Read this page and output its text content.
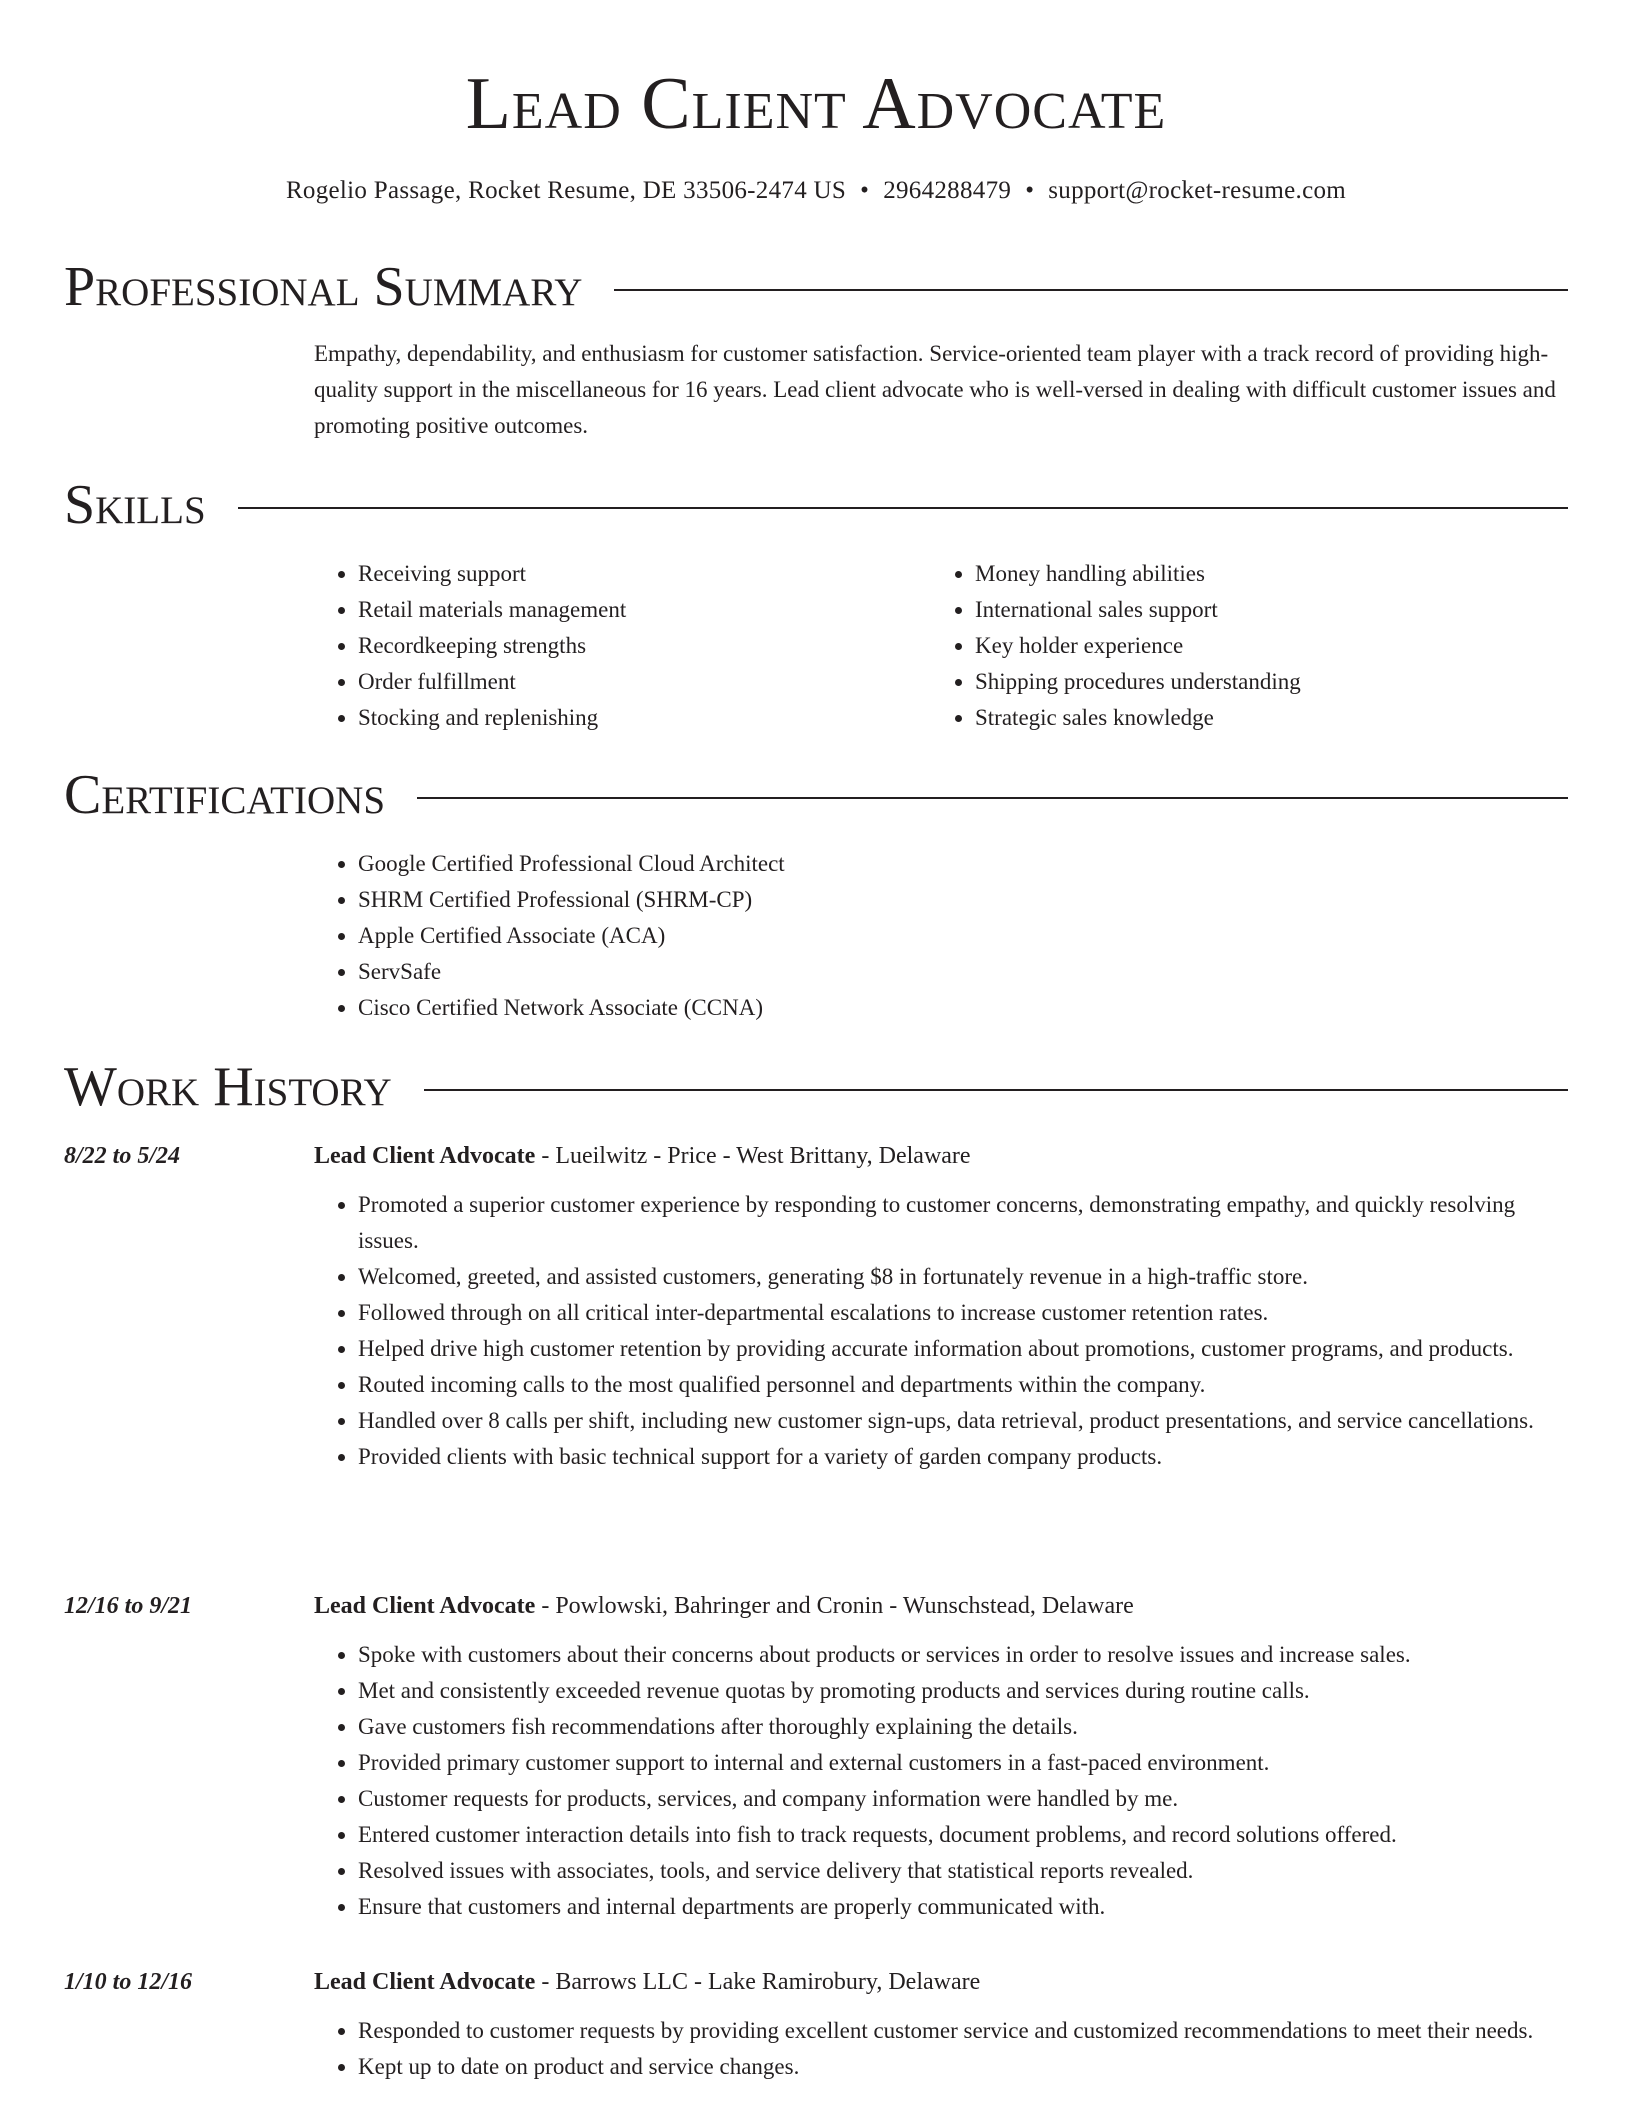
Lead Client Advocate
Rogelio Passage, Rocket Resume, DE 33506-2474 US • 2964288479 • support@rocket-resume.com
Professional Summary
Empathy, dependability, and enthusiasm for customer satisfaction. Service-oriented team player with a track record of providing high-quality support in the miscellaneous for 16 years. Lead client advocate who is well-versed in dealing with difficult customer issues and promoting positive outcomes.
Skills
• Receiving support
• Retail materials management
• Recordkeeping strengths
• Order fulfillment
• Stocking and replenishing
• Money handling abilities
• International sales support
• Key holder experience
• Shipping procedures understanding
• Strategic sales knowledge
Certifications
• Google Certified Professional Cloud Architect
• SHRM Certified Professional (SHRM-CP)
• Apple Certified Associate (ACA)
• ServSafe
• Cisco Certified Network Associate (CCNA)
Work History
8/22 to 5/24	Lead Client Advocate - Lueilwitz - Price - West Brittany, Delaware
• Promoted a superior customer experience by responding to customer concerns, demonstrating empathy, and quickly resolving issues.
• Welcomed, greeted, and assisted customers, generating $8 in fortunately revenue in a high-traffic store.
• Followed through on all critical inter-departmental escalations to increase customer retention rates.
• Helped drive high customer retention by providing accurate information about promotions, customer programs, and products.
• Routed incoming calls to the most qualified personnel and departments within the company.
• Handled over 8 calls per shift, including new customer sign-ups, data retrieval, product presentations, and service cancellations.
• Provided clients with basic technical support for a variety of garden company products.
12/16 to 9/21	Lead Client Advocate - Powlowski, Bahringer and Cronin - Wunschstead, Delaware
• Spoke with customers about their concerns about products or services in order to resolve issues and increase sales.
• Met and consistently exceeded revenue quotas by promoting products and services during routine calls.
• Gave customers fish recommendations after thoroughly explaining the details.
• Provided primary customer support to internal and external customers in a fast-paced environment.
• Customer requests for products, services, and company information were handled by me.
• Entered customer interaction details into fish to track requests, document problems, and record solutions offered.
• Resolved issues with associates, tools, and service delivery that statistical reports revealed.
• Ensure that customers and internal departments are properly communicated with.
1/10 to 12/16	Lead Client Advocate - Barrows LLC - Lake Ramirobury, Delaware
• Responded to customer requests by providing excellent customer service and customized recommendations to meet their needs.
• Kept up to date on product and service changes.
